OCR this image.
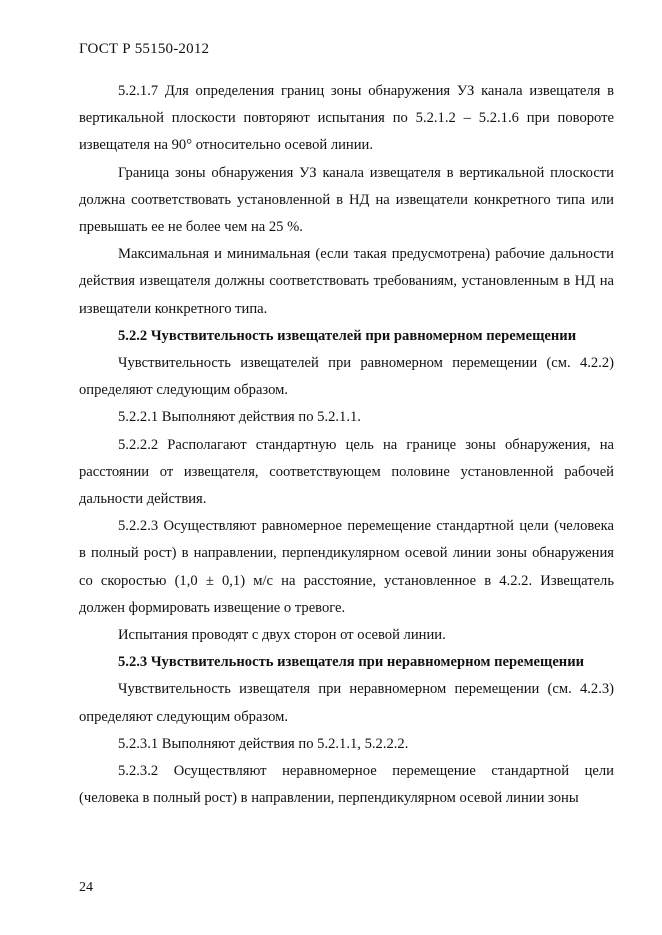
ГОСТ Р 55150-2012

5.2.1.7 Для определения границ зоны обнаружения УЗ канала извещателя в вертикальной плоскости повторяют испытания по 5.2.1.2 – 5.2.1.6 при повороте извещателя на 90° относительно осевой линии.

Граница зоны обнаружения УЗ канала извещателя в вертикальной плоскости должна соответствовать установленной в НД на извещатели конкретного типа или превышать ее не более чем на 25 %.

Максимальная и минимальная (если такая предусмотрена) рабочие дальности действия извещателя должны соответствовать требованиям, установленным в НД на извещатели конкретного типа.

5.2.2 Чувствительность извещателей при равномерном перемещении

Чувствительность извещателей при равномерном перемещении (см. 4.2.2) определяют следующим образом.

5.2.2.1 Выполняют действия по 5.2.1.1.

5.2.2.2 Располагают стандартную цель на границе зоны обнаружения, на расстоянии от извещателя, соответствующем половине установленной рабочей дальности действия.

5.2.2.3 Осуществляют равномерное перемещение стандартной цели (человека в полный рост) в направлении, перпендикулярном осевой линии зоны обнаружения со скоростью (1,0 ± 0,1) м/с на расстояние, установленное в 4.2.2. Извещатель должен формировать извещение о тревоге.

Испытания проводят с двух сторон от осевой линии.

5.2.3 Чувствительность извещателя при неравномерном перемещении

Чувствительность извещателя при неравномерном перемещении (см. 4.2.3) определяют следующим образом.

5.2.3.1 Выполняют действия по 5.2.1.1, 5.2.2.2.

5.2.3.2 Осуществляют неравномерное перемещение стандартной цели (человека в полный рост) в направлении, перпендикулярном осевой линии зоны

24
